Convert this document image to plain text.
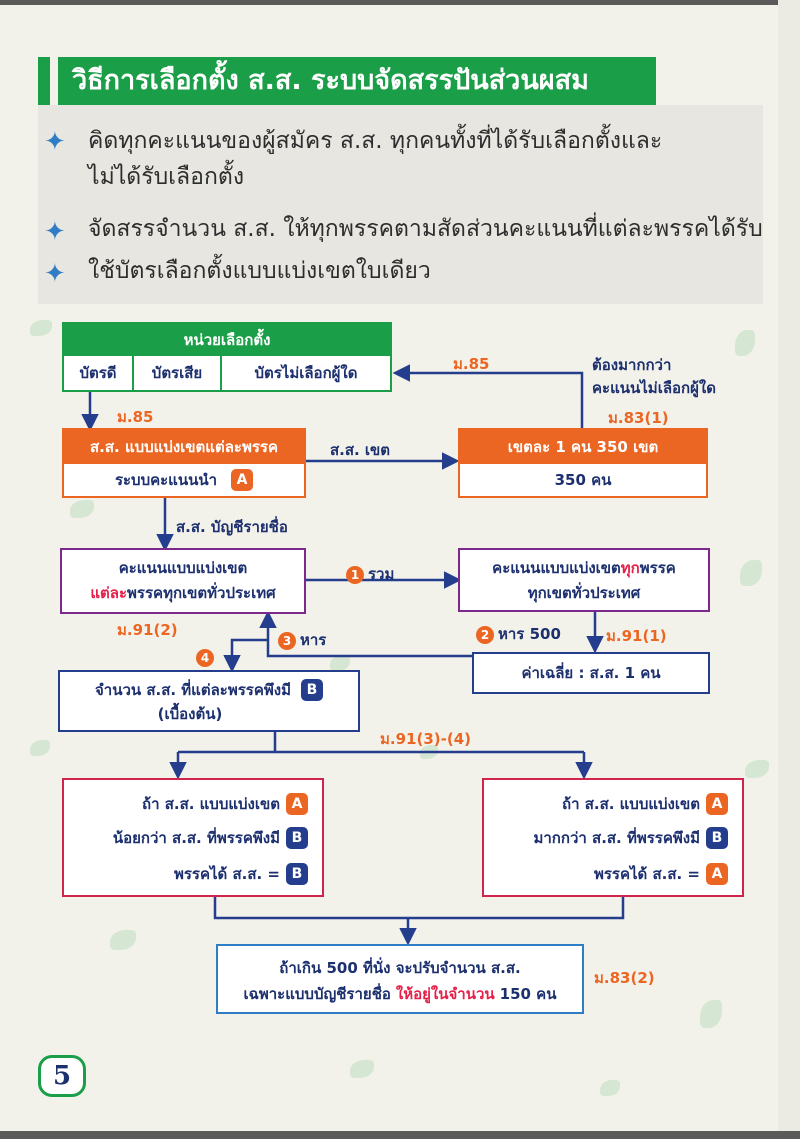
วิธีการเลือกตั้ง ส.ส. ระบบจัดสรรปันส่วนผสม
✦ คิดทุกคะแนนของผู้สมัคร ส.ส. ทุกคนทั้งที่ได้รับเลือกตั้งและ
ไม่ได้รับเลือกตั้ง
✦ จัดสรรจำนวน ส.ส. ให้ทุกพรรคตามสัดส่วนคะแนนที่แต่ละพรรคได้รับ
✦ ใช้บัตรเลือกตั้งแบบแบ่งเขตใบเดียว
หน่วยเลือกตั้ง
บัตรดี	บัตรเสีย	บัตรไม่เลือกผู้ใด	ม.85	ต้องมากกว่า
คะแนนไม่เลือกผู้ใด
ม.83(1)
ม.85
ส.ส. แบบแบ่งเขตแต่ละพรรค
ระบบคะแนนนำ	A
ส.ส. เขต	เขตละ 1 คน 350 เขต
350 คน
ส.ส. บัญชีรายชื่อ
คะแนนแบบแบ่งเขต
แต่ละ พรรคทุกเขตทั่วประเทศ
1 รวม	คะแนนแบบแบ่งเขต ทุก พรรค
ทุกเขตทั่วประเทศ
ม.91(2)
3 หาร	2 หาร 500	ม.91(1)
4
ค่าเฉลี่ย : ส.ส. 1 คน
จำนวน ส.ส. ที่แต่ละพรรคพึงมี	B
(เบื้องต้น)
ม.91(3)-(4)
ถ้า ส.ส. แบบแบ่งเขต A
น้อยกว่า ส.ส. ที่พรรคพึงมี B
พรรคได้ ส.ส. = B
ถ้า ส.ส. แบบแบ่งเขต A
มากกว่า ส.ส. ที่พรรคพึงมี B
พรรคได้ ส.ส. = A
ถ้าเกิน 500 ที่นั่ง จะปรับจำนวน ส.ส.
เฉพาะแบบบัญชีรายชื่อ ให้อยู่ในจำนวน 150 คน
ม.83(2)
5
